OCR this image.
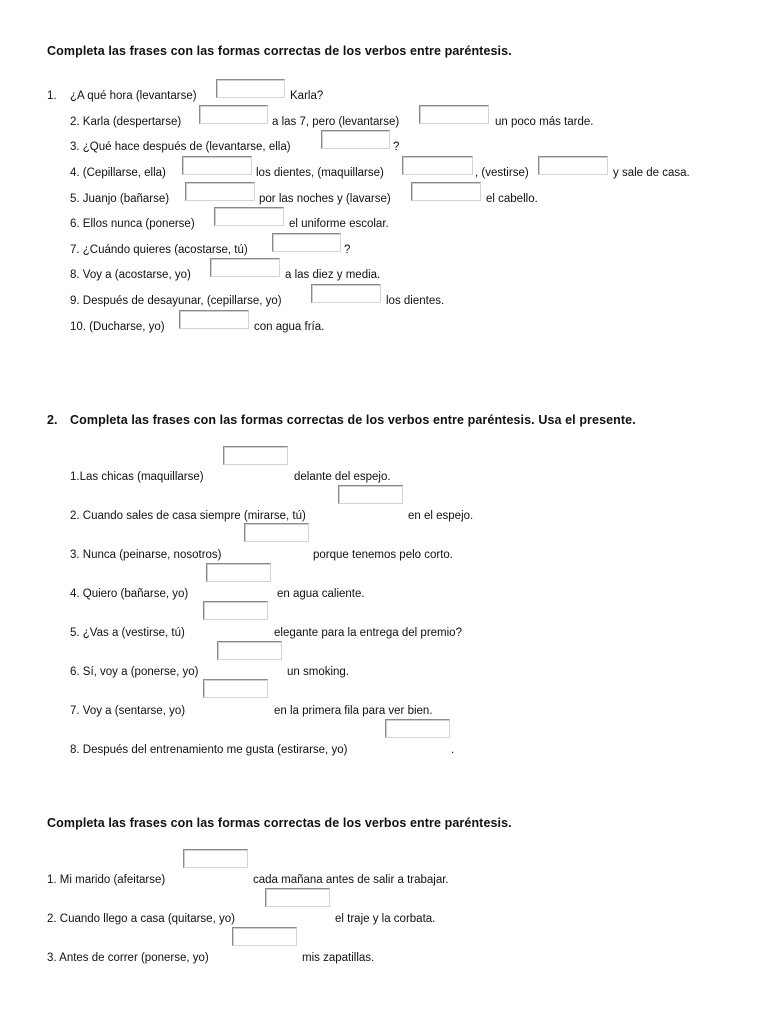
Completa las frases con las formas correctas de los verbos entre paréntesis.
1. ¿A qué hora (levantarse)	Karla?
2. Karla (despertarse)	a las 7, pero (levantarse)	un poco más tarde.
3. ¿Qué hace después de (levantarse, ella)	?
4. (Cepillarse, ella)	los dientes, (maquillarse)	, (vestirse)	y sale de casa.
5. Juanjo (bañarse)	por las noches y (lavarse)	el cabello.
6. Ellos nunca (ponerse)	el uniforme escolar.
7. ¿Cuándo quieres (acostarse, tú)	?
8. Voy a (acostarse, yo)	a las diez y media.
9. Después de desayunar, (cepillarse, yo)	los dientes.
10. (Ducharse, yo)	con agua fría.
2. Completa las frases con las formas correctas de los verbos entre paréntesis. Usa el presente.
1.Las chicas (maquillarse)	delante del espejo.
2. Cuando sales de casa siempre (mirarse, tú)	en el espejo.
3. Nunca (peinarse, nosotros)	porque tenemos pelo corto.
4. Quiero (bañarse, yo)	en agua caliente.
5. ¿Vas a (vestirse, tú)	elegante para la entrega del premio?
6. Sí, voy a (ponerse, yo)	un smoking.
7. Voy a (sentarse, yo)	en la primera fila para ver bien.
8. Después del entrenamiento me gusta (estirarse, yo)	.
Completa las frases con las formas correctas de los verbos entre paréntesis.
1. Mi marido (afeitarse)	cada mañana antes de salir a trabajar.
2. Cuando llego a casa (quitarse, yo)	el traje y la corbata.
3. Antes de correr (ponerse, yo)	mis zapatillas.
